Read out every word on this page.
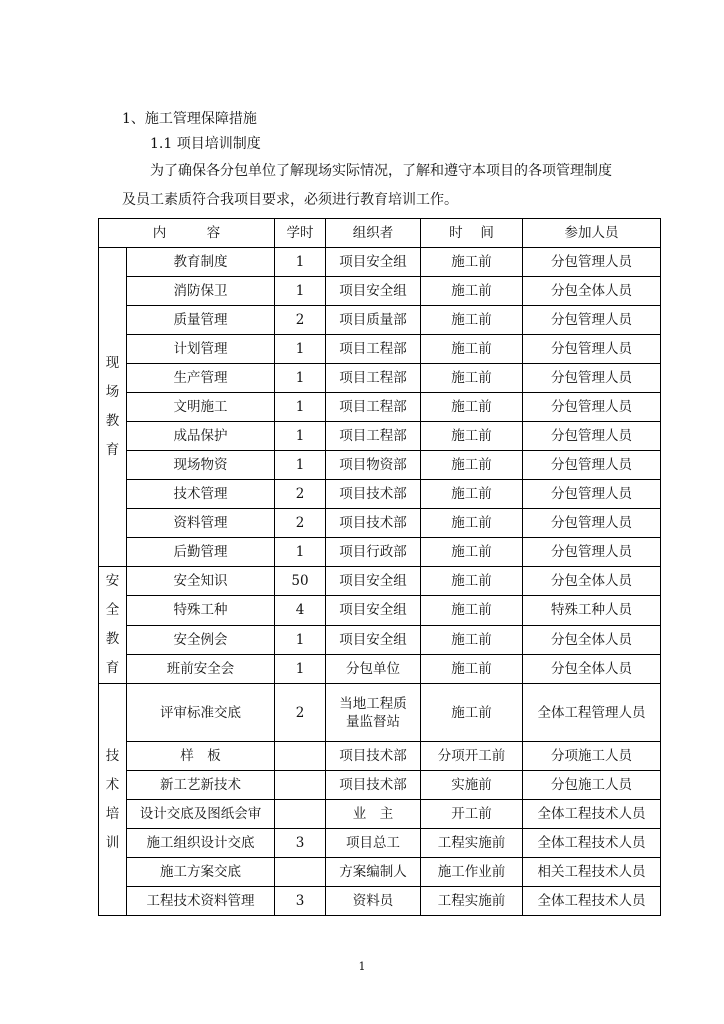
1、施工管理保障措施
1.1 项目培训制度
为了确保各分包单位了解现场实际情况，了解和遵守本项目的各项管理制度
及员工素质符合我项目要求，必须进行教育培训工作。
内　　　容		学时	组织者	时　 间	参加人员

现
场
教
育	教育制度	1	项目安全组	施工前	分包管理人员
	消防保卫	1	项目安全组	施工前	分包全体人员
	质量管理	2	项目质量部	施工前	分包管理人员
	计划管理	1	项目工程部	施工前	分包管理人员
	生产管理	1	项目工程部	施工前	分包管理人员
	文明施工	1	项目工程部	施工前	分包管理人员
	成品保护	1	项目工程部	施工前	分包管理人员
	现场物资	1	项目物资部	施工前	分包管理人员
	技术管理	2	项目技术部	施工前	分包管理人员
	资料管理	2	项目技术部	施工前	分包管理人员
	后勤管理	1	项目行政部	施工前	分包管理人员

安
全
教
育	安全知识	50	项目安全组	施工前	分包全体人员
	特殊工种	4	项目安全组	施工前	特殊工种人员
	安全例会	1	项目安全组	施工前	分包全体人员
	班前安全会	1	分包单位	施工前	分包全体人员

技
术
培
训	评审标准交底	2	当地工程质量监督站	施工前	全体工程管理人员
	样　板		项目技术部	分项开工前	分项施工人员
	新工艺新技术		项目技术部	实施前	分包施工人员
	设计交底及图纸会审		业　主	开工前	全体工程技术人员
	施工组织设计交底	3	项目总工	工程实施前	全体工程技术人员
	施工方案交底		方案编制人	施工作业前	相关工程技术人员
	工程技术资料管理	3	资料员	工程实施前	全体工程技术人员
1
